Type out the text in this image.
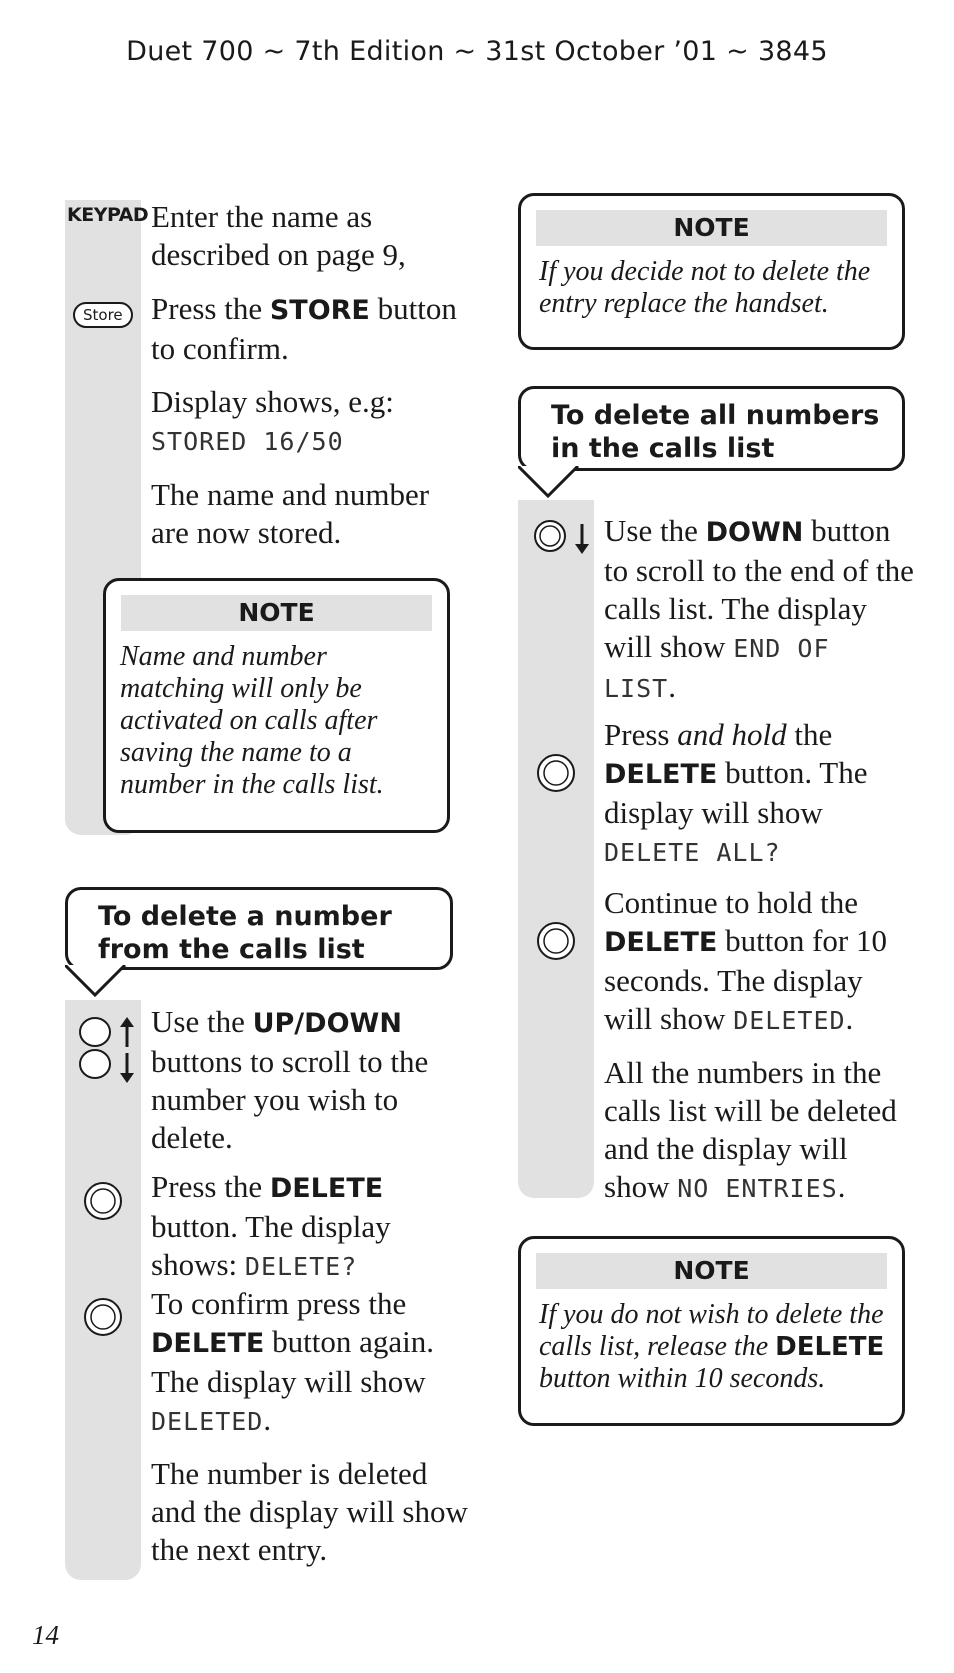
Duet 700 ~ 7th Edition ~ 31st October ’01 ~ 3845
KEYPAD Enter the name as described on page 9,
Store Press the STORE button to confirm.
Display shows, e.g:
STORED 16/50
The name and number are now stored.
NOTE
Name and number matching will only be activated on calls after saving the name to a number in the calls list.
To delete a number from the calls list
Use the UP/DOWN buttons to scroll to the number you wish to delete.
Press the DELETE button. The display shows: DELETE?
To confirm press the DELETE button again. The display will show DELETED.
The number is deleted and the display will show the next entry.
NOTE
If you decide not to delete the entry replace the handset.
To delete all numbers in the calls list
Use the DOWN button to scroll to the end of the calls list. The display will show END OF LIST.
Press and hold the DELETE button. The display will show DELETE ALL?
Continue to hold the DELETE button for 10 seconds. The display will show DELETED.
All the numbers in the calls list will be deleted and the display will show NO ENTRIES.
NOTE
If you do not wish to delete the calls list, release the DELETE button within 10 seconds.
14
